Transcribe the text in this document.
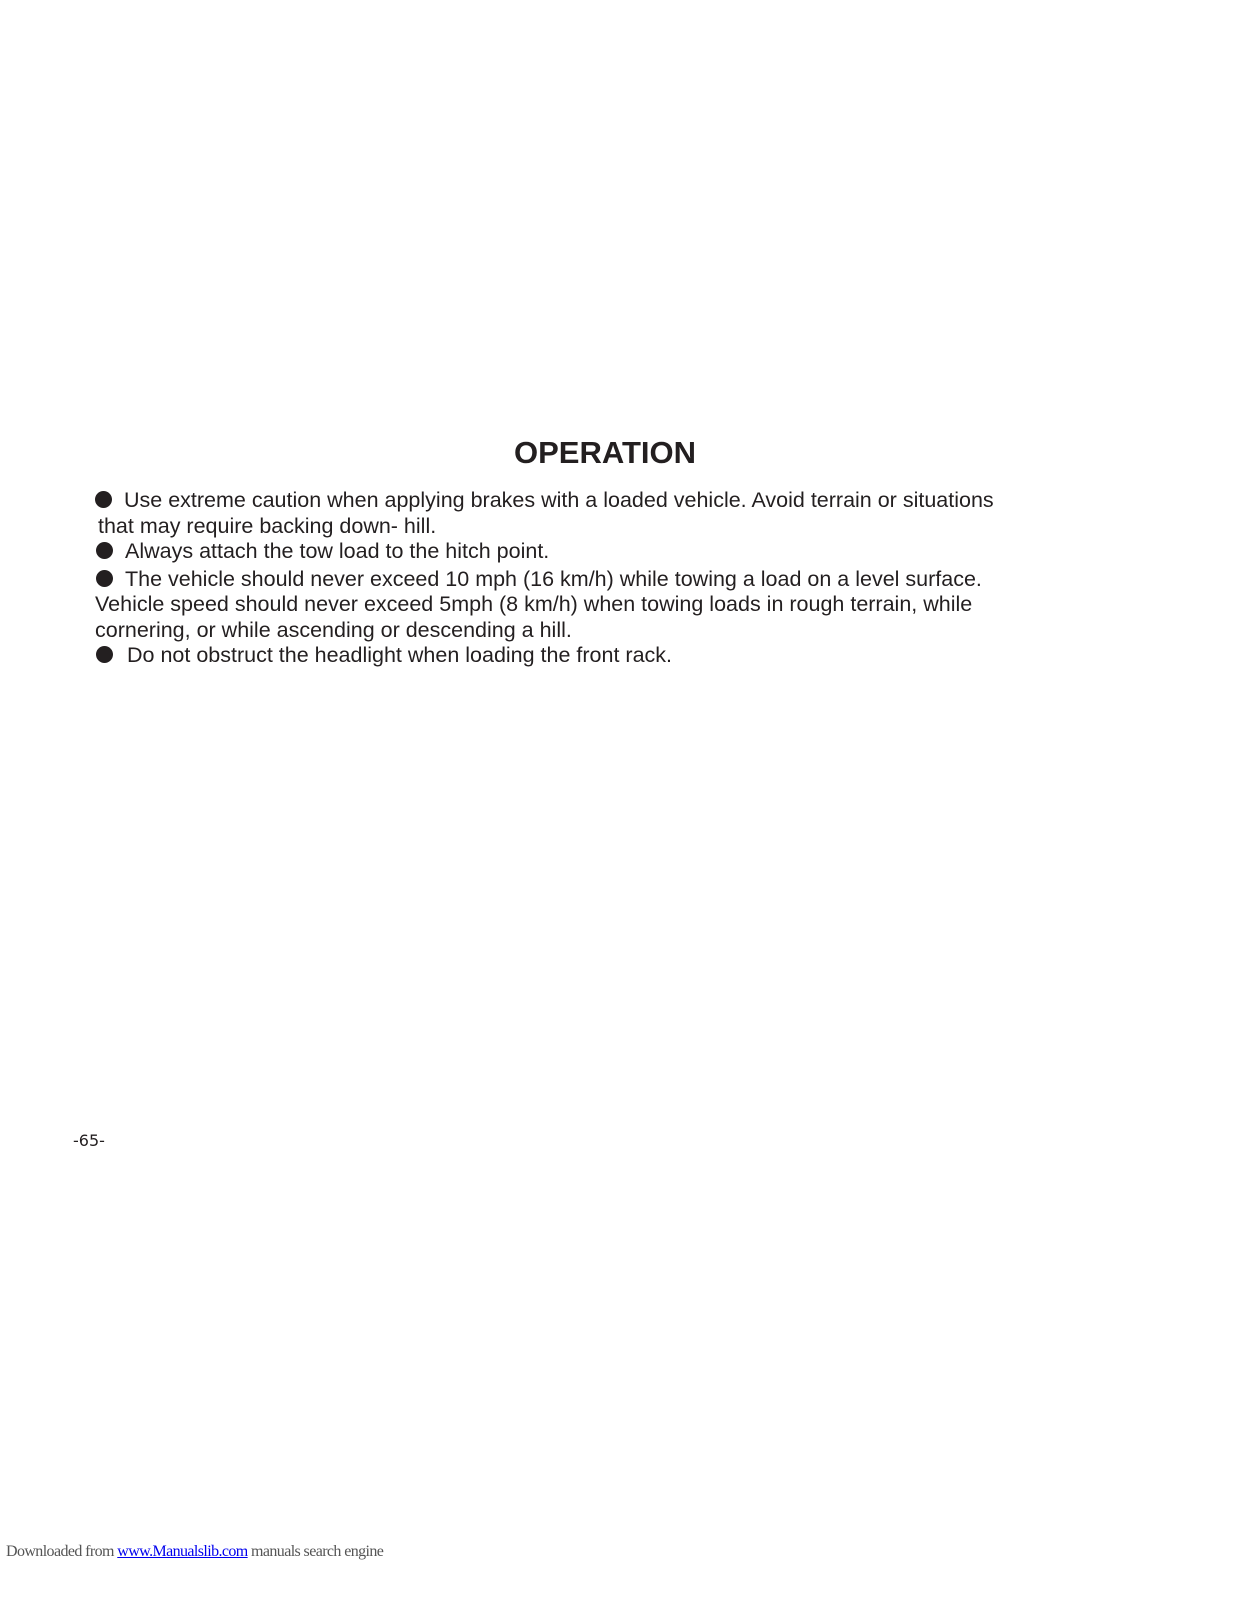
OPERATION
Use extreme caution when applying brakes with a loaded vehicle. Avoid terrain or situations
that may require backing down- hill.
Always attach the tow load to the hitch point.
The vehicle should never exceed 10 mph (16 km/h) while towing a load on a level surface.
Vehicle speed should never exceed 5mph (8 km/h) when towing loads in rough terrain, while
cornering, or while ascending or descending a hill.
Do not obstruct the headlight when loading the front rack.
-65-
Downloaded from www.Manualslib.com manuals search engine
